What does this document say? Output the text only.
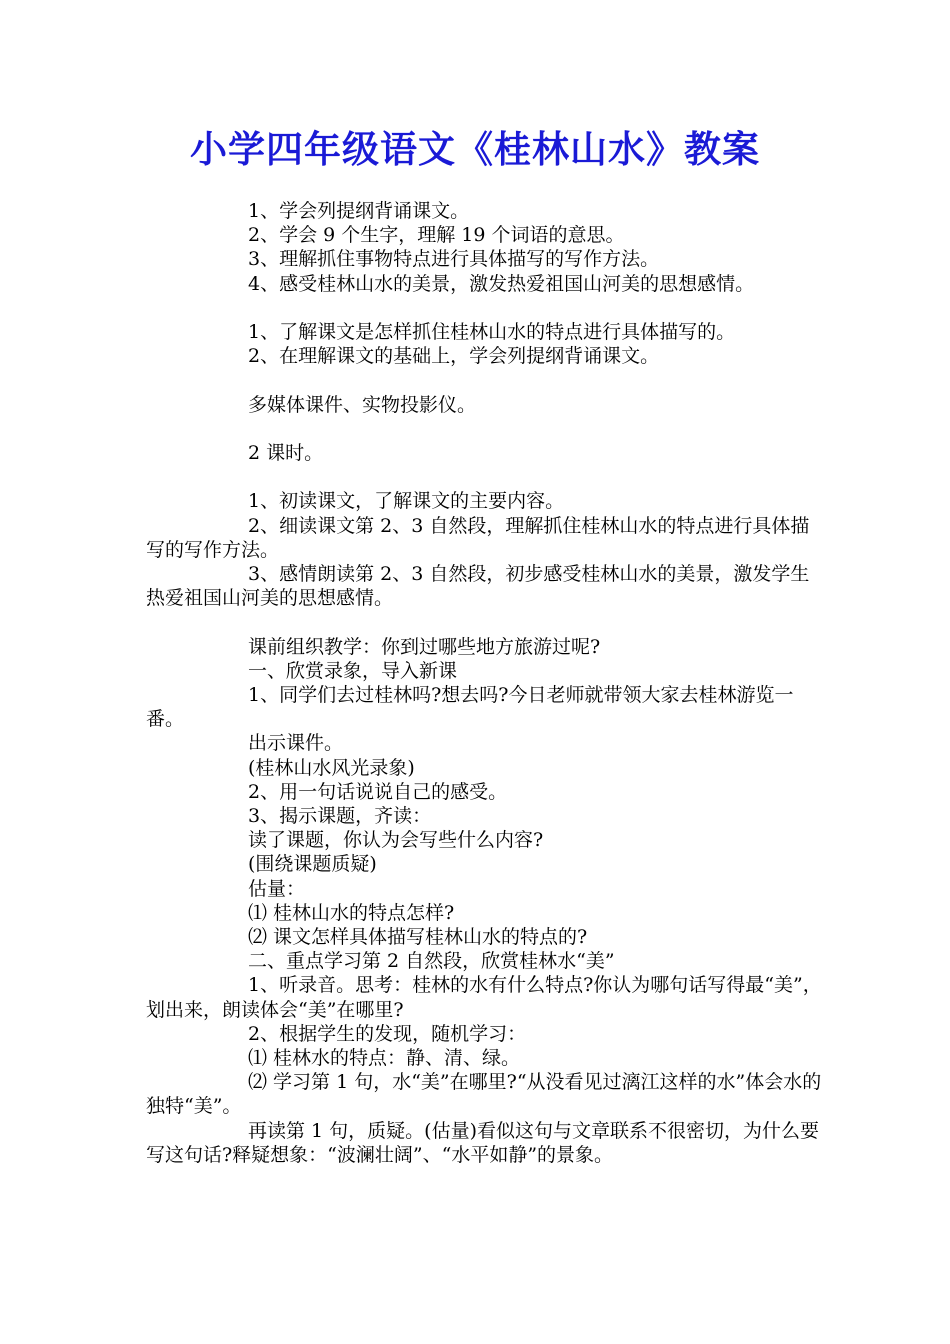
小学四年级语文《桂林山水》教案

1、学会列提纲背诵课文。

2、学会 9 个生字，理解 19 个词语的意思。

3、理解抓住事物特点进行具体描写的写作方法。

4、感受桂林山水的美景，激发热爱祖国山河美的思想感情。

1、了解课文是怎样抓住桂林山水的特点进行具体描写的。

2、在理解课文的基础上，学会列提纲背诵课文。

多媒体课件、实物投影仪。

2 课时。

1、初读课文，了解课文的主要内容。

2、细读课文第 2、3 自然段，理解抓住桂林山水的特点进行具体描写的写作方法。

3、感情朗读第 2、3 自然段，初步感受桂林山水的美景，激发学生热爱祖国山河美的思想感情。

课前组织教学：你到过哪些地方旅游过呢?

一、欣赏录象，导入新课

1、同学们去过桂林吗?想去吗?今日老师就带领大家去桂林游览一番。

出示课件。

(桂林山水风光录象)

2、用一句话说说自己的感受。

3、揭示课题，齐读：

读了课题，你认为会写些什么内容?

(围绕课题质疑)

估量：

⑴ 桂林山水的特点怎样?

⑵ 课文怎样具体描写桂林山水的特点的?

二、重点学习第 2 自然段，欣赏桂林水“美”

1、听录音。思考：桂林的水有什么特点?你认为哪句话写得最“美”，划出来，朗读体会“美”在哪里?

2、根据学生的发现，随机学习：

⑴ 桂林水的特点：静、清、绿。

⑵ 学习第 1 句，水“美”在哪里?“从没看见过漓江这样的水”体会水的独特“美”。

再读第 1 句，质疑。(估量)看似这句与文章联系不很密切，为什么要写这句话?释疑想象：“波澜壮阔”、“水平如静”的景象。
